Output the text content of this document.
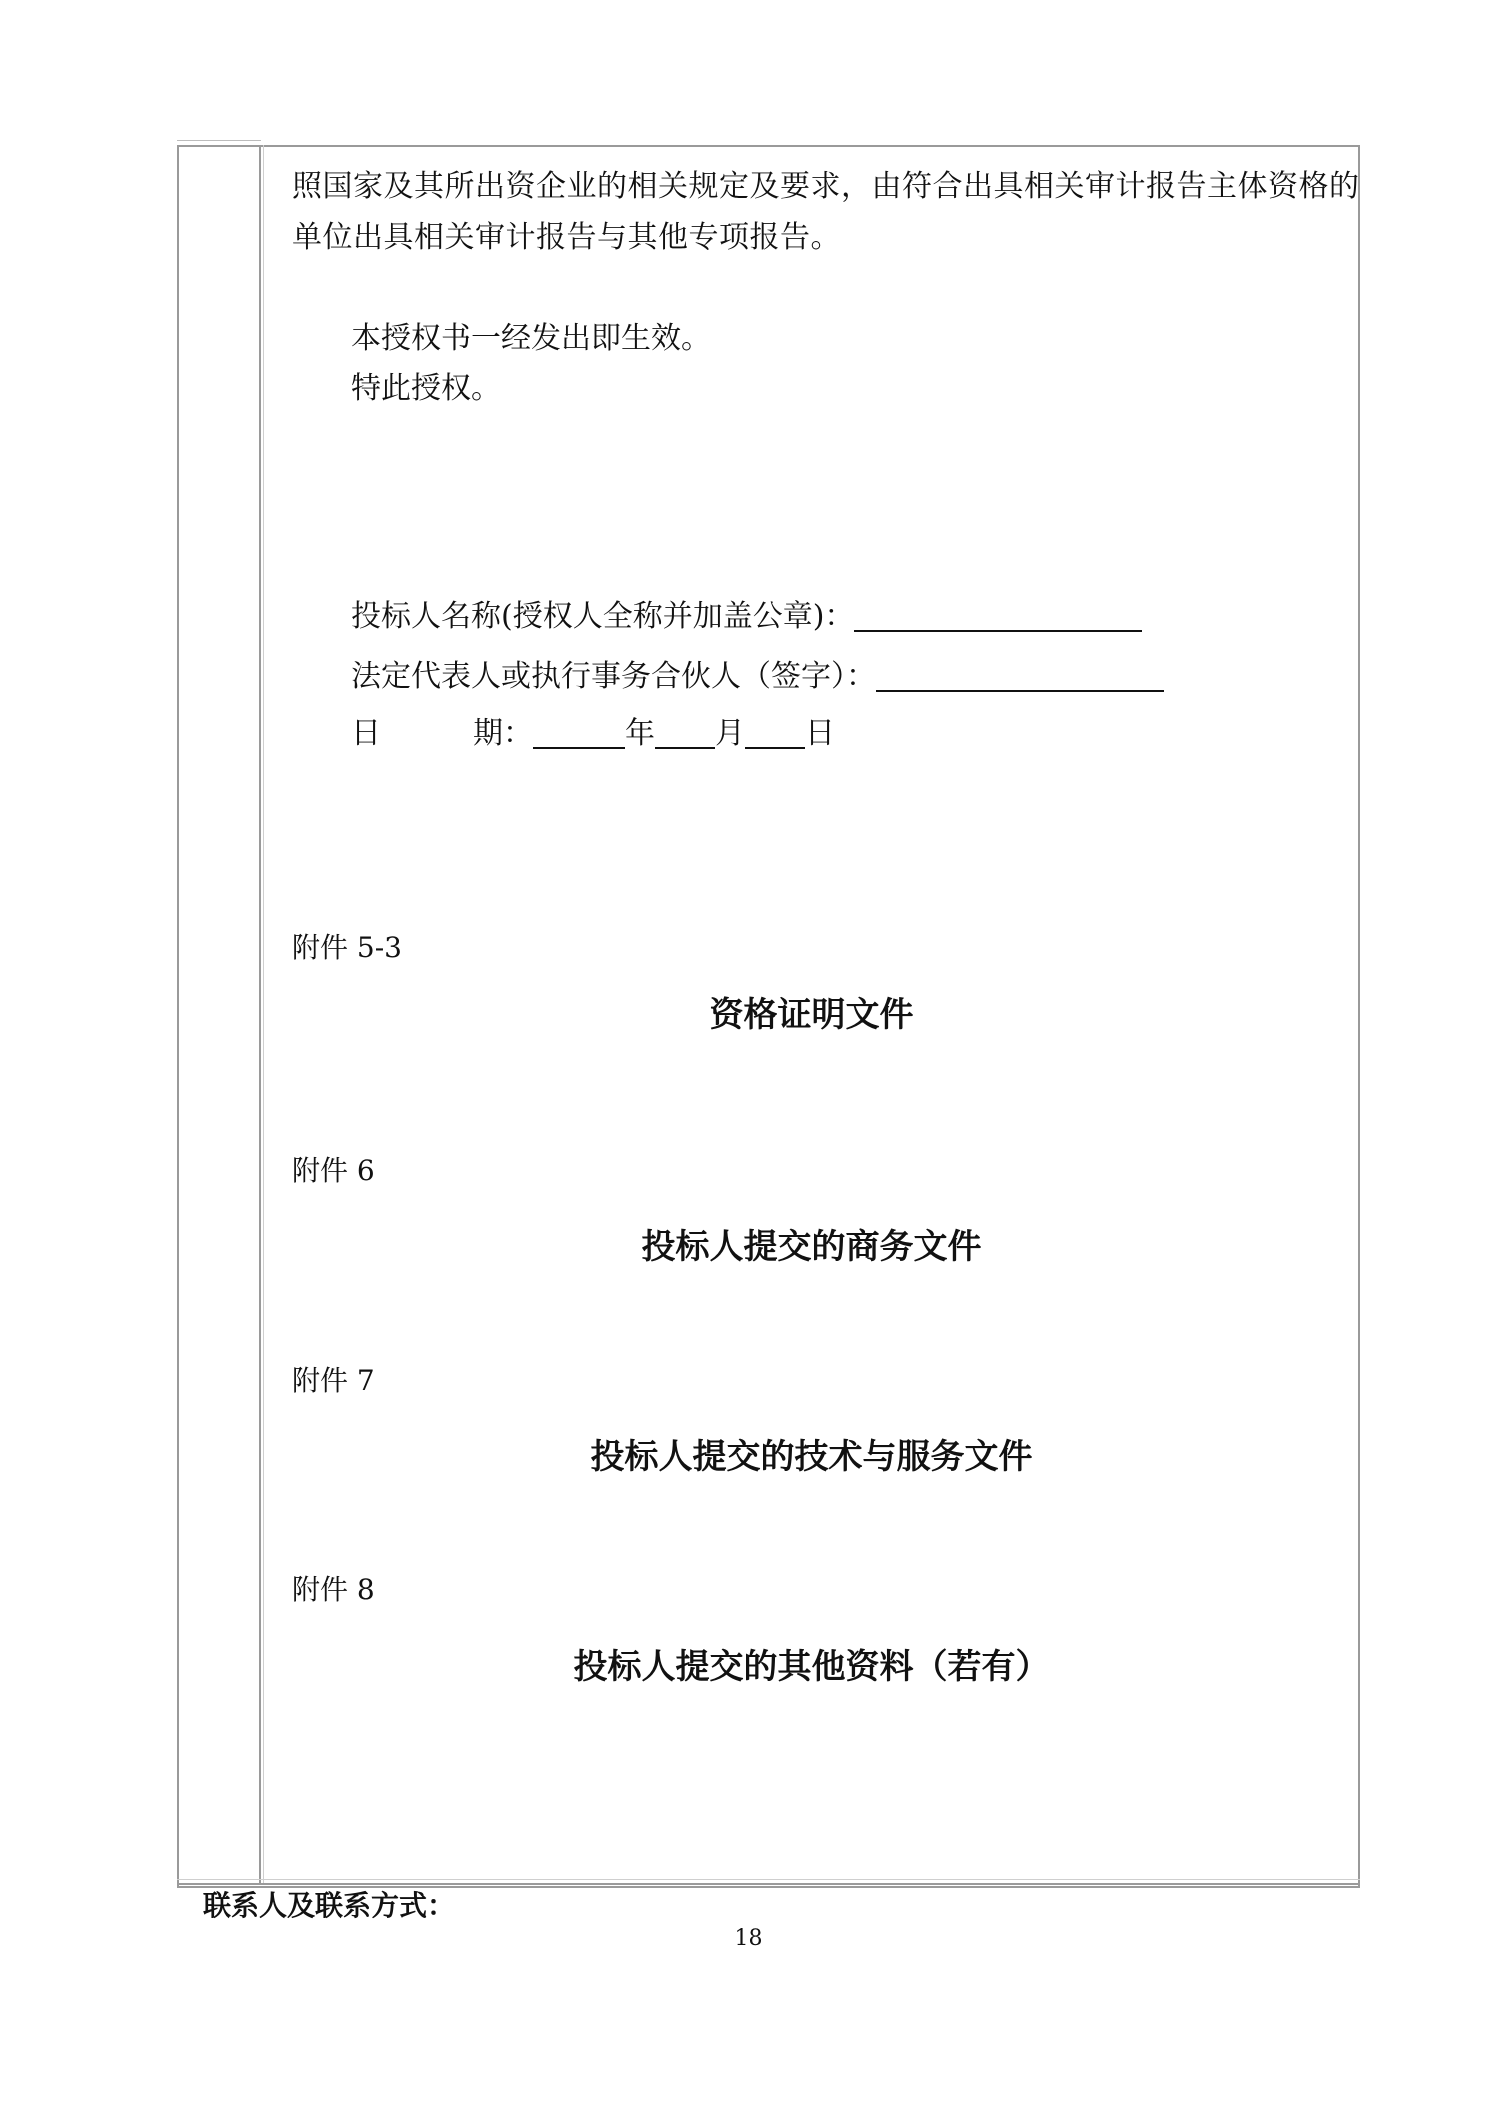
照国家及其所出资企业的相关规定及要求，由符合出具相关审计报告主体资格的
单位出具相关审计报告与其他专项报告。
本授权书一经发出即生效。
特此授权。
投标人名称(授权人全称并加盖公章)：
法定代表人或执行事务合伙人（签字）：
日	期：	年 月 日
附件 5-3
资格证明文件
附件 6
投标人提交的商务文件
附件 7
投标人提交的技术与服务文件
附件 8
投标人提交的其他资料（若有）
联系人及联系方式：
18
